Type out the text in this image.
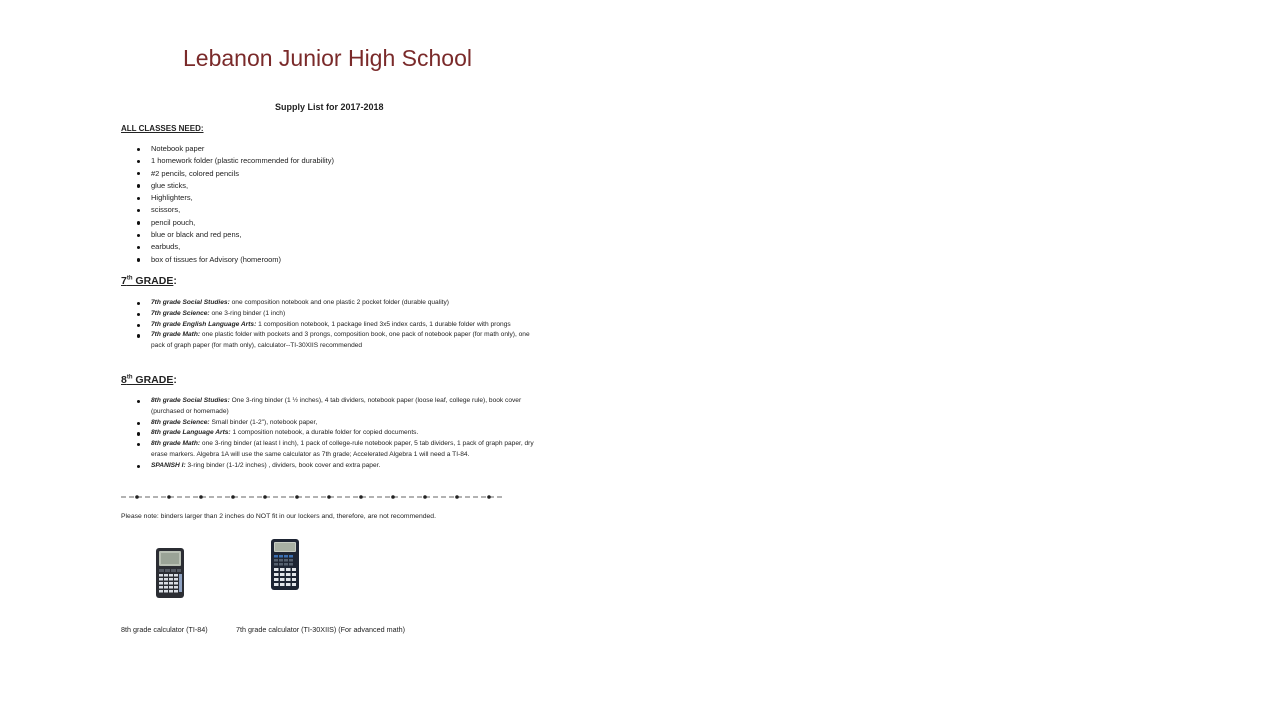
Lebanon Junior High School
Supply List for 2017-2018
ALL CLASSES NEED:
Notebook paper
1 homework folder (plastic recommended for durability)
#2 pencils, colored pencils
glue sticks,
Highlighters,
scissors,
pencil pouch,
blue or black and red pens,
earbuds,
box of tissues for Advisory (homeroom)
7th GRADE:
7th grade Social Studies: one composition notebook and one plastic 2 pocket folder (durable quality)
7th grade Science: one 3-ring binder (1 inch)
7th grade English Language Arts: 1 composition notebook, 1 package lined 3x5 index cards, 1 durable folder with prongs
7th grade Math: one plastic folder with pockets and 3 prongs, composition book, one pack of notebook paper (for math only), one pack of graph paper (for math only), calculator--TI-30XIIS recommended
8th GRADE:
8th grade Social Studies: One 3-ring binder (1 ½ inches), 4 tab dividers, notebook paper (loose leaf, college rule), book cover (purchased or homemade)
8th grade Science: Small binder (1-2"), notebook paper,
8th grade Language Arts: 1 composition notebook, a durable folder for copied documents.
8th grade Math: one 3-ring binder (at least I inch), 1 pack of college-rule notebook paper, 5 tab dividers, 1 pack of graph paper, dry erase markers. Algebra 1A will use the same calculator as 7th grade; Accelerated Algebra 1 will need a TI-84.
SPANISH I: 3-ring binder (1-1/2 inches) , dividers, book cover and extra paper.
Please note: binders larger than 2 inches do NOT fit in our lockers and, therefore, are not recommended.
8th grade calculator (TI-84)	7th grade calculator (TI-30XIIS) (For advanced math)
